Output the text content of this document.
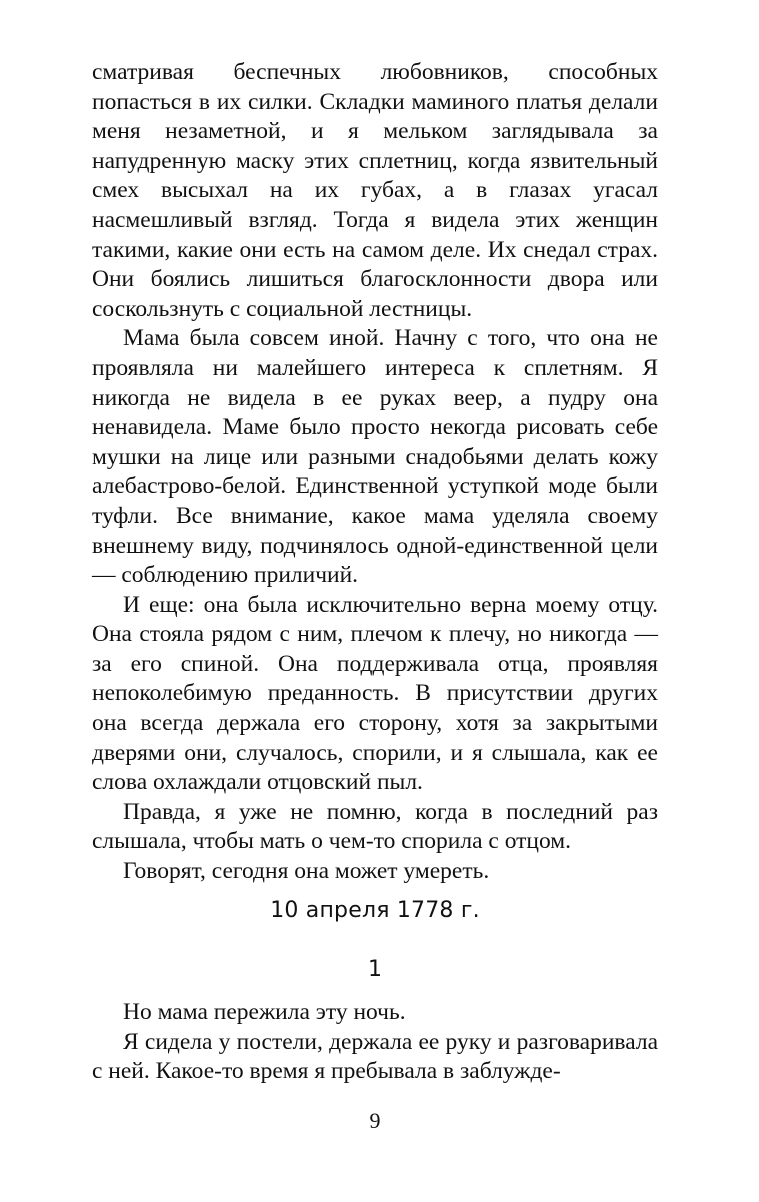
сматривая беспечных любовников, способных попасться в их силки. Складки маминого платья делали меня незаметной, и я мельком заглядывала за напудренную маску этих сплетниц, когда язвительный смех высыхал на их губах, а в глазах угасал насмешливый взгляд. Тогда я видела этих женщин такими, какие они есть на самом деле. Их снедал страх. Они боялись лишиться благосклонности двора или соскользнуть с социальной лестницы.

Мама была совсем иной. Начну с того, что она не проявляла ни малейшего интереса к сплетням. Я никогда не видела в ее руках веер, а пудру она ненавидела. Маме было просто некогда рисовать себе мушки на лице или разными снадобьями делать кожу алебастрово-белой. Единственной уступкой моде были туфли. Все внимание, какое мама уделяла своему внешнему виду, подчинялось одной-единственной цели — соблюдению приличий.

И еще: она была исключительно верна моему отцу. Она стояла рядом с ним, плечом к плечу, но никогда — за его спиной. Она поддерживала отца, проявляя непоколебимую преданность. В присутствии других она всегда держала его сторону, хотя за закрытыми дверями они, случалось, спорили, и я слышала, как ее слова охлаждали отцовский пыл.

Правда, я уже не помню, когда в последний раз слышала, чтобы мать о чем-то спорила с отцом.

Говорят, сегодня она может умереть.

10 апреля 1778 г.
1

Но мама пережила эту ночь.

Я сидела у постели, держала ее руку и разговаривала с ней. Какое-то время я пребывала в заблужде-

9
